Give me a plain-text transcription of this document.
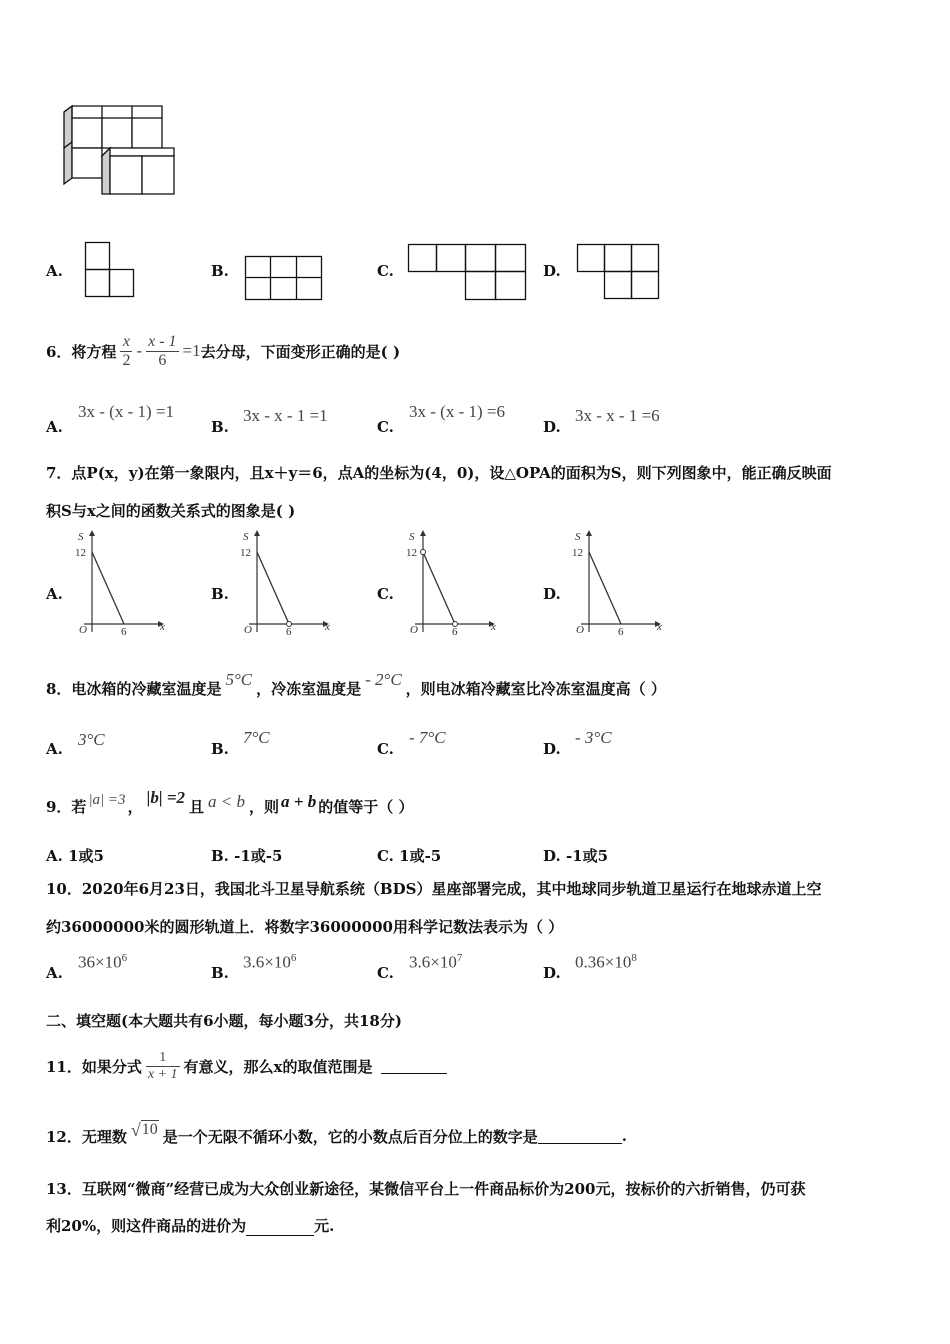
A.	B.	C.	D.
6．将方程 $\frac{x}{2} - \frac{x - 1}{6} =1$ 去分母，下面变形正确的是( )
A.
3x - (x - 1) =1
B.
3x - x - 1 =1
C.
3x - (x - 1) =6
D.
3x - x - 1 =6
7．点P(x，y)在第一象限内，且x＋y＝6，点A的坐标为(4，0)，设△OPA的面积为S，则下列图象中，能正确反映面
积S与x之间的函数关系式的图象是( )
A.	B.	C.	D.
O	6
12
S
x	O	6
12
S
x	O	6
12
S
x	O	6
12
S
x
8．电冰箱的冷藏室温度是 5°C ，冷冻室温度是 - 2°C ，则电冰箱冷藏室比冷冻室温度高（ ）
A. 3°C	B.
7°C
C.
- 7°C
D.
- 3°C
9．若 |a| =3 ， |b| =2 且 a < b ，则 a + b 的值等于（ ）
A. 1或5	B. -1或-5	C. 1或-5	D. -1或5
10．2020年6月23日，我国北斗卫星导航系统（BDS）星座部署完成，其中地球同步轨道卫星运行在地球赤道上空
约36000000米的圆形轨道上．将数字36000000用科学记数法表示为（ ）
A.
$36\times 10^6$
B.
$3.6\times 10^6$
C.
$3.6\times 10^7$
D.
$0.36\times 10^8$
二、填空题(本大题共有6小题，每小题3分，共18分)
11．如果分式 $\frac{1}{x + 1}$ 有意义，那么x的取值范围是
12．无理数 √ 10 是一个无限不循环小数，它的小数点后百分位上的数字是	.
13．互联网“微商”经营已成为大众创业新途径，某微信平台上一件商品标价为200元，按标价的六折销售，仍可获
利20%，则这件商品的进价为	元.
